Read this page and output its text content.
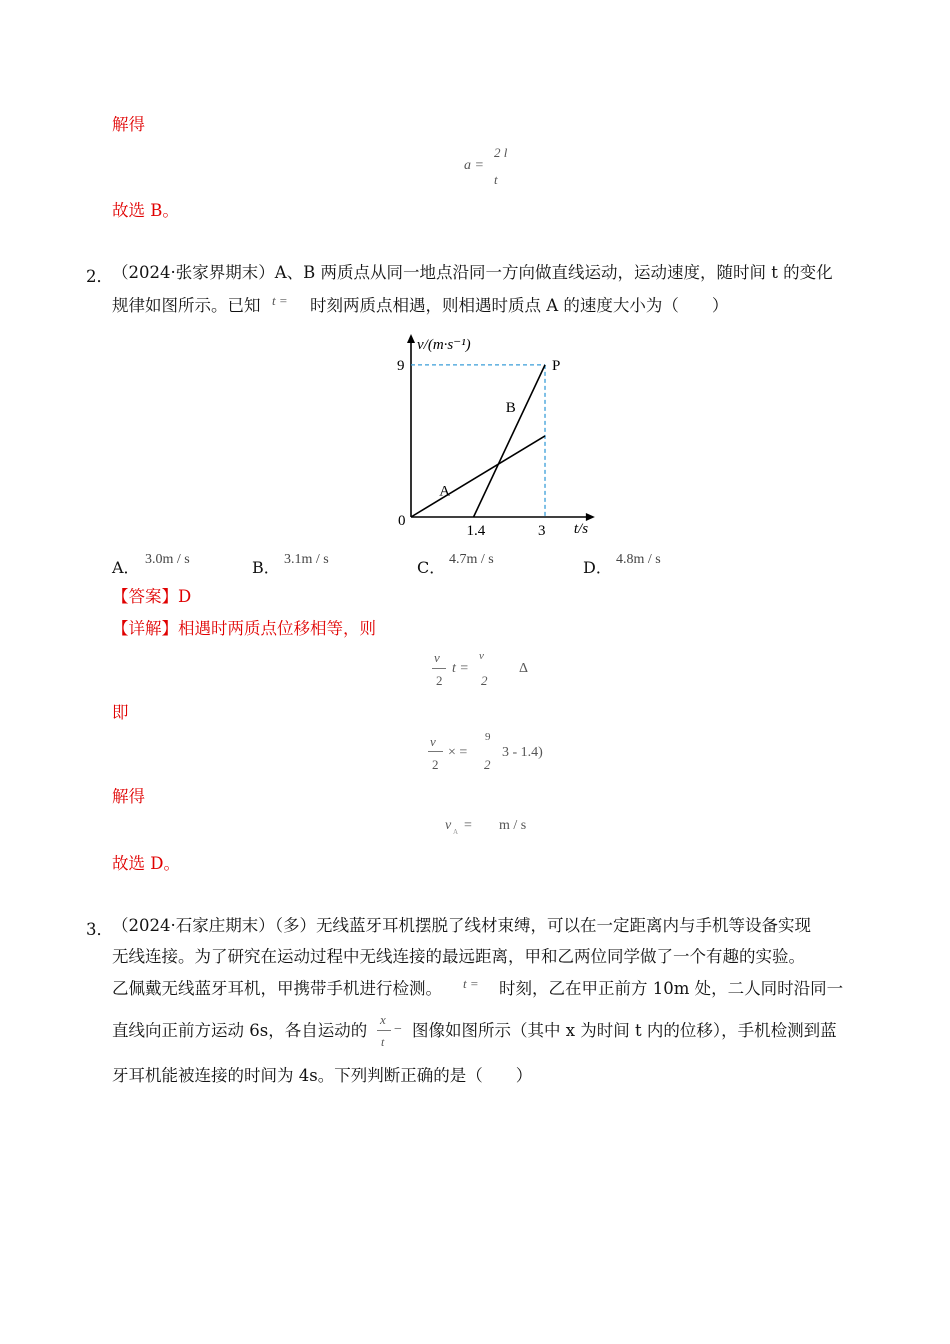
解得
a =
2 l
t
故选 B。
2． （2024·张家界期末）A、B 两质点从同一地点沿同一方向做直线运动，运动速度，随时间 t 的变化
规律如图所示。已知 t = 时刻两质点相遇，则相遇时质点 A 的速度大小为（　　）
v/(m·s⁻¹)
t/s
0
1.4	3
9
A
B
P
A． 3.0m / s	B． 3.1m / s	C． 4.7m / s	D． 4.8m / s
【答案】D
【详解】相遇时两质点位移相等，则
v
2
t =
v
2
Δ
即
v
2
× =
9
2
3 - 1.4)
解得
v A = m / s
故选 D。
3． （2024·石家庄期末）（多）无线蓝牙耳机摆脱了线材束缚，可以在一定距离内与手机等设备实现
无线连接。为了研究在运动过程中无线连接的最远距离，甲和乙两位同学做了一个有趣的实验。
乙佩戴无线蓝牙耳机，甲携带手机进行检测。 t = 时刻，乙在甲正前方 10m 处，二人同时沿同一
直线向正前方运动 6s，各自运动的
x
t
− 图像如图所示（其中 x 为时间 t 内的位移），手机检测到蓝
牙耳机能被连接的时间为 4s。下列判断正确的是（　　）
